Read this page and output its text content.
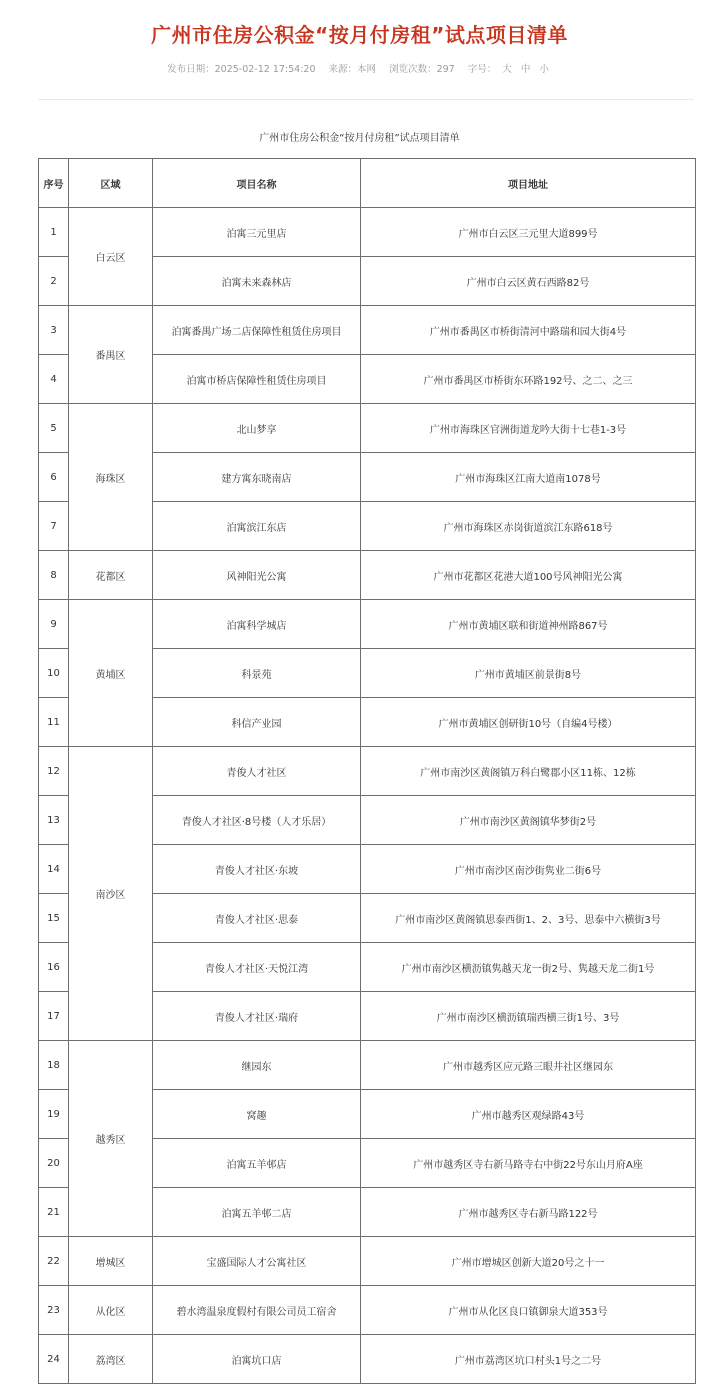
广州市住房公积金“按月付房租”试点项目清单
发布日期：2025-02-12 17:54:20 来源：本网 浏览次数：297 字号： 大 中 小
广州市住房公积金“按月付房租”试点项目清单
序号	区域	项目名称	项目地址
1	白云区	泊寓三元里店	广州市白云区三元里大道899号
2		泊寓未来森林店	广州市白云区黄石西路82号
3	番禺区	泊寓番禺广场二店保障性租赁住房项目	广州市番禺区市桥街清河中路瑞和园大街4号
4		泊寓市桥店保障性租赁住房项目	广州市番禺区市桥街东环路192号、之二、之三
5	海珠区	北山梦享	广州市海珠区官洲街道龙吟大街十七巷1-3号
6		建方寓东晓南店	广州市海珠区江南大道南1078号
7		泊寓滨江东店	广州市海珠区赤岗街道滨江东路618号
8	花都区	风神阳光公寓	广州市花都区花港大道100号风神阳光公寓
9	黄埔区	泊寓科学城店	广州市黄埔区联和街道神州路867号
10		科景苑	广州市黄埔区前景街8号
11		科信产业园	广州市黄埔区创研街10号（自编4号楼）
12	南沙区	青俊人才社区	广州市南沙区黄阁镇万科白鹭郡小区11栋、12栋
13		青俊人才社区·8号楼（人才乐居）	广州市南沙区黄阁镇华梦街2号
14		青俊人才社区·东坡	广州市南沙区南沙街隽业二街6号
15		青俊人才社区·思泰	广州市南沙区黄阁镇思泰西街1、2、3号、思泰中六横街3号
16		青俊人才社区·天悦江湾	广州市南沙区横沥镇隽越天龙一街2号、隽越天龙二街1号
17		青俊人才社区·瑞府	广州市南沙区横沥镇瑞西横三街1号、3号
18	越秀区	继园东	广州市越秀区应元路三眼井社区继园东
19		窝趣	广州市越秀区观绿路43号
20		泊寓五羊邨店	广州市越秀区寺右新马路寺右中街22号东山月府A座
21		泊寓五羊邨二店	广州市越秀区寺右新马路122号
22	增城区	宝盛国际人才公寓社区	广州市增城区创新大道20号之十一
23	从化区	碧水湾温泉度假村有限公司员工宿舍	广州市从化区良口镇御泉大道353号
24	荔湾区	泊寓坑口店	广州市荔湾区坑口村头1号之二号
